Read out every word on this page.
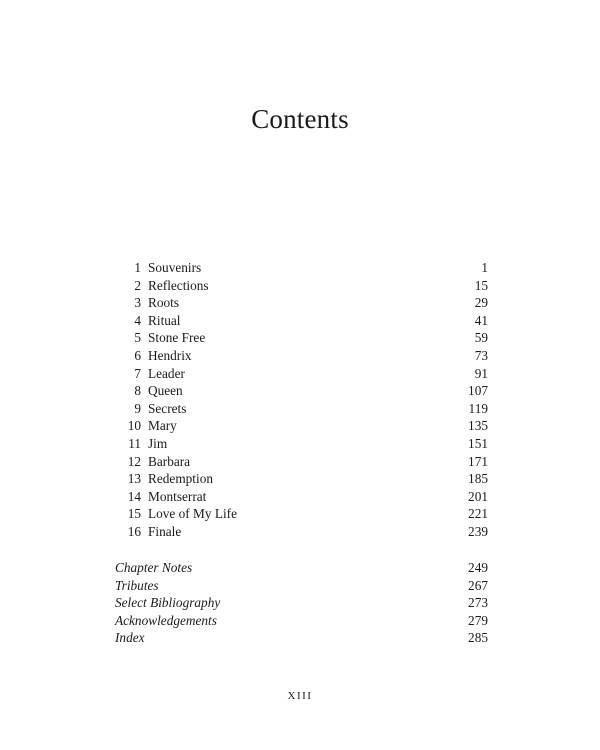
Contents
1 Souvenirs	1
2 Reflections	15
3 Roots	29
4 Ritual	41
5 Stone Free	59
6 Hendrix	73
7 Leader	91
8 Queen	107
9 Secrets	119
10 Mary	135
11 Jim	151
12 Barbara	171
13 Redemption	185
14 Montserrat	201
15 Love of My Life	221
16 Finale	239
Chapter Notes	249
Tributes	267
Select Bibliography	273
Acknowledgements	279
Index	285
XIII
